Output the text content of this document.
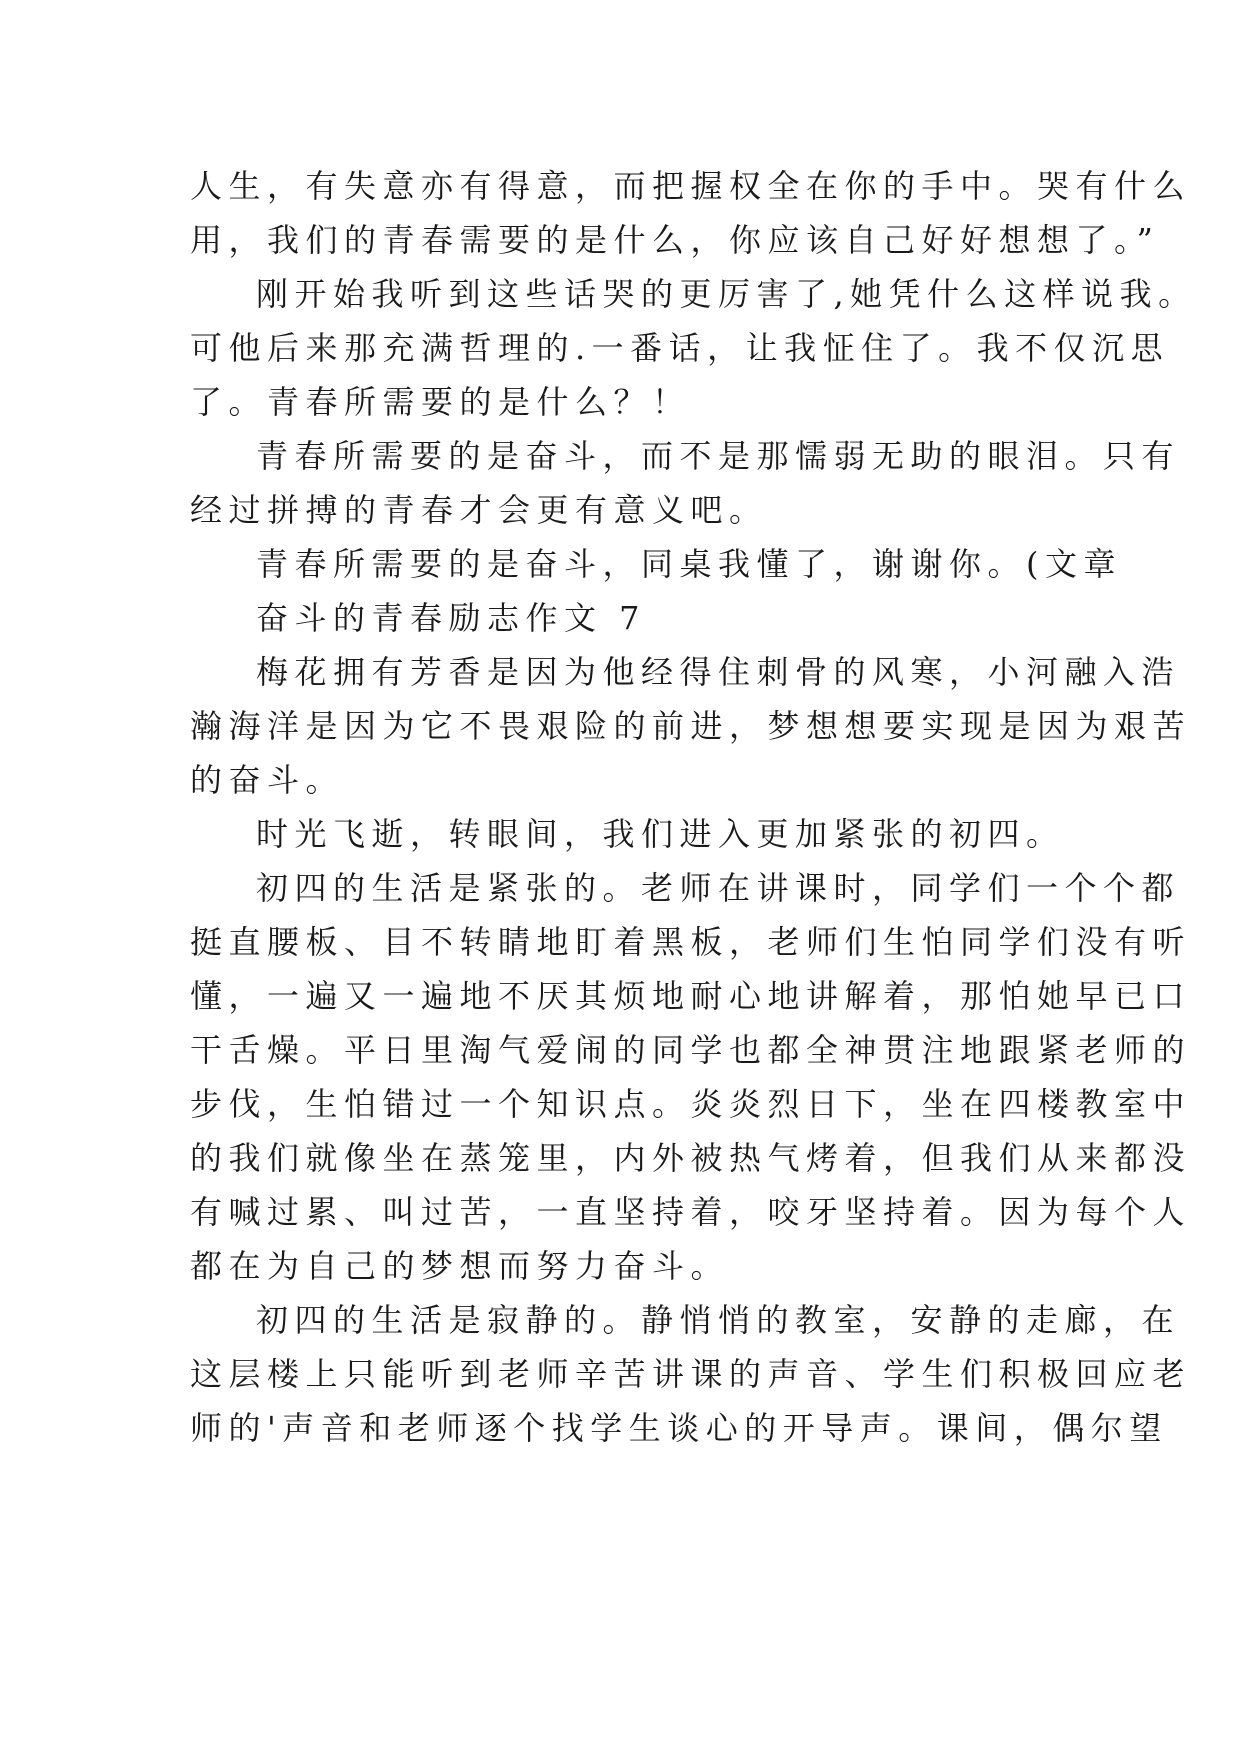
人生，有失意亦有得意，而把握权全在你的手中。哭有什么
用，我们的青春需要的是什么，你应该自己好好想想了。”
刚开始我听到这些话哭的更厉害了,她凭什么这样说我。
可他后来那充满哲理的.一番话，让我怔住了。我不仅沉思
了。青春所需要的是什么？！
青春所需要的是奋斗，而不是那懦弱无助的眼泪。只有
经过拼搏的青春才会更有意义吧。
青春所需要的是奋斗，同桌我懂了，谢谢你。(文章
奋斗的青春励志作文 7
梅花拥有芳香是因为他经得住刺骨的风寒，小河融入浩
瀚海洋是因为它不畏艰险的前进，梦想想要实现是因为艰苦
的奋斗。
时光飞逝，转眼间，我们进入更加紧张的初四。
初四的生活是紧张的。老师在讲课时，同学们一个个都
挺直腰板、目不转睛地盯着黑板，老师们生怕同学们没有听
懂，一遍又一遍地不厌其烦地耐心地讲解着，那怕她早已口
干舌燥。平日里淘气爱闹的同学也都全神贯注地跟紧老师的
步伐，生怕错过一个知识点。炎炎烈日下，坐在四楼教室中
的我们就像坐在蒸笼里，内外被热气烤着，但我们从来都没
有喊过累、叫过苦，一直坚持着，咬牙坚持着。因为每个人
都在为自己的梦想而努力奋斗。
初四的生活是寂静的。静悄悄的教室，安静的走廊，在
这层楼上只能听到老师辛苦讲课的声音、学生们积极回应老
师的'声音和老师逐个找学生谈心的开导声。课间，偶尔望
